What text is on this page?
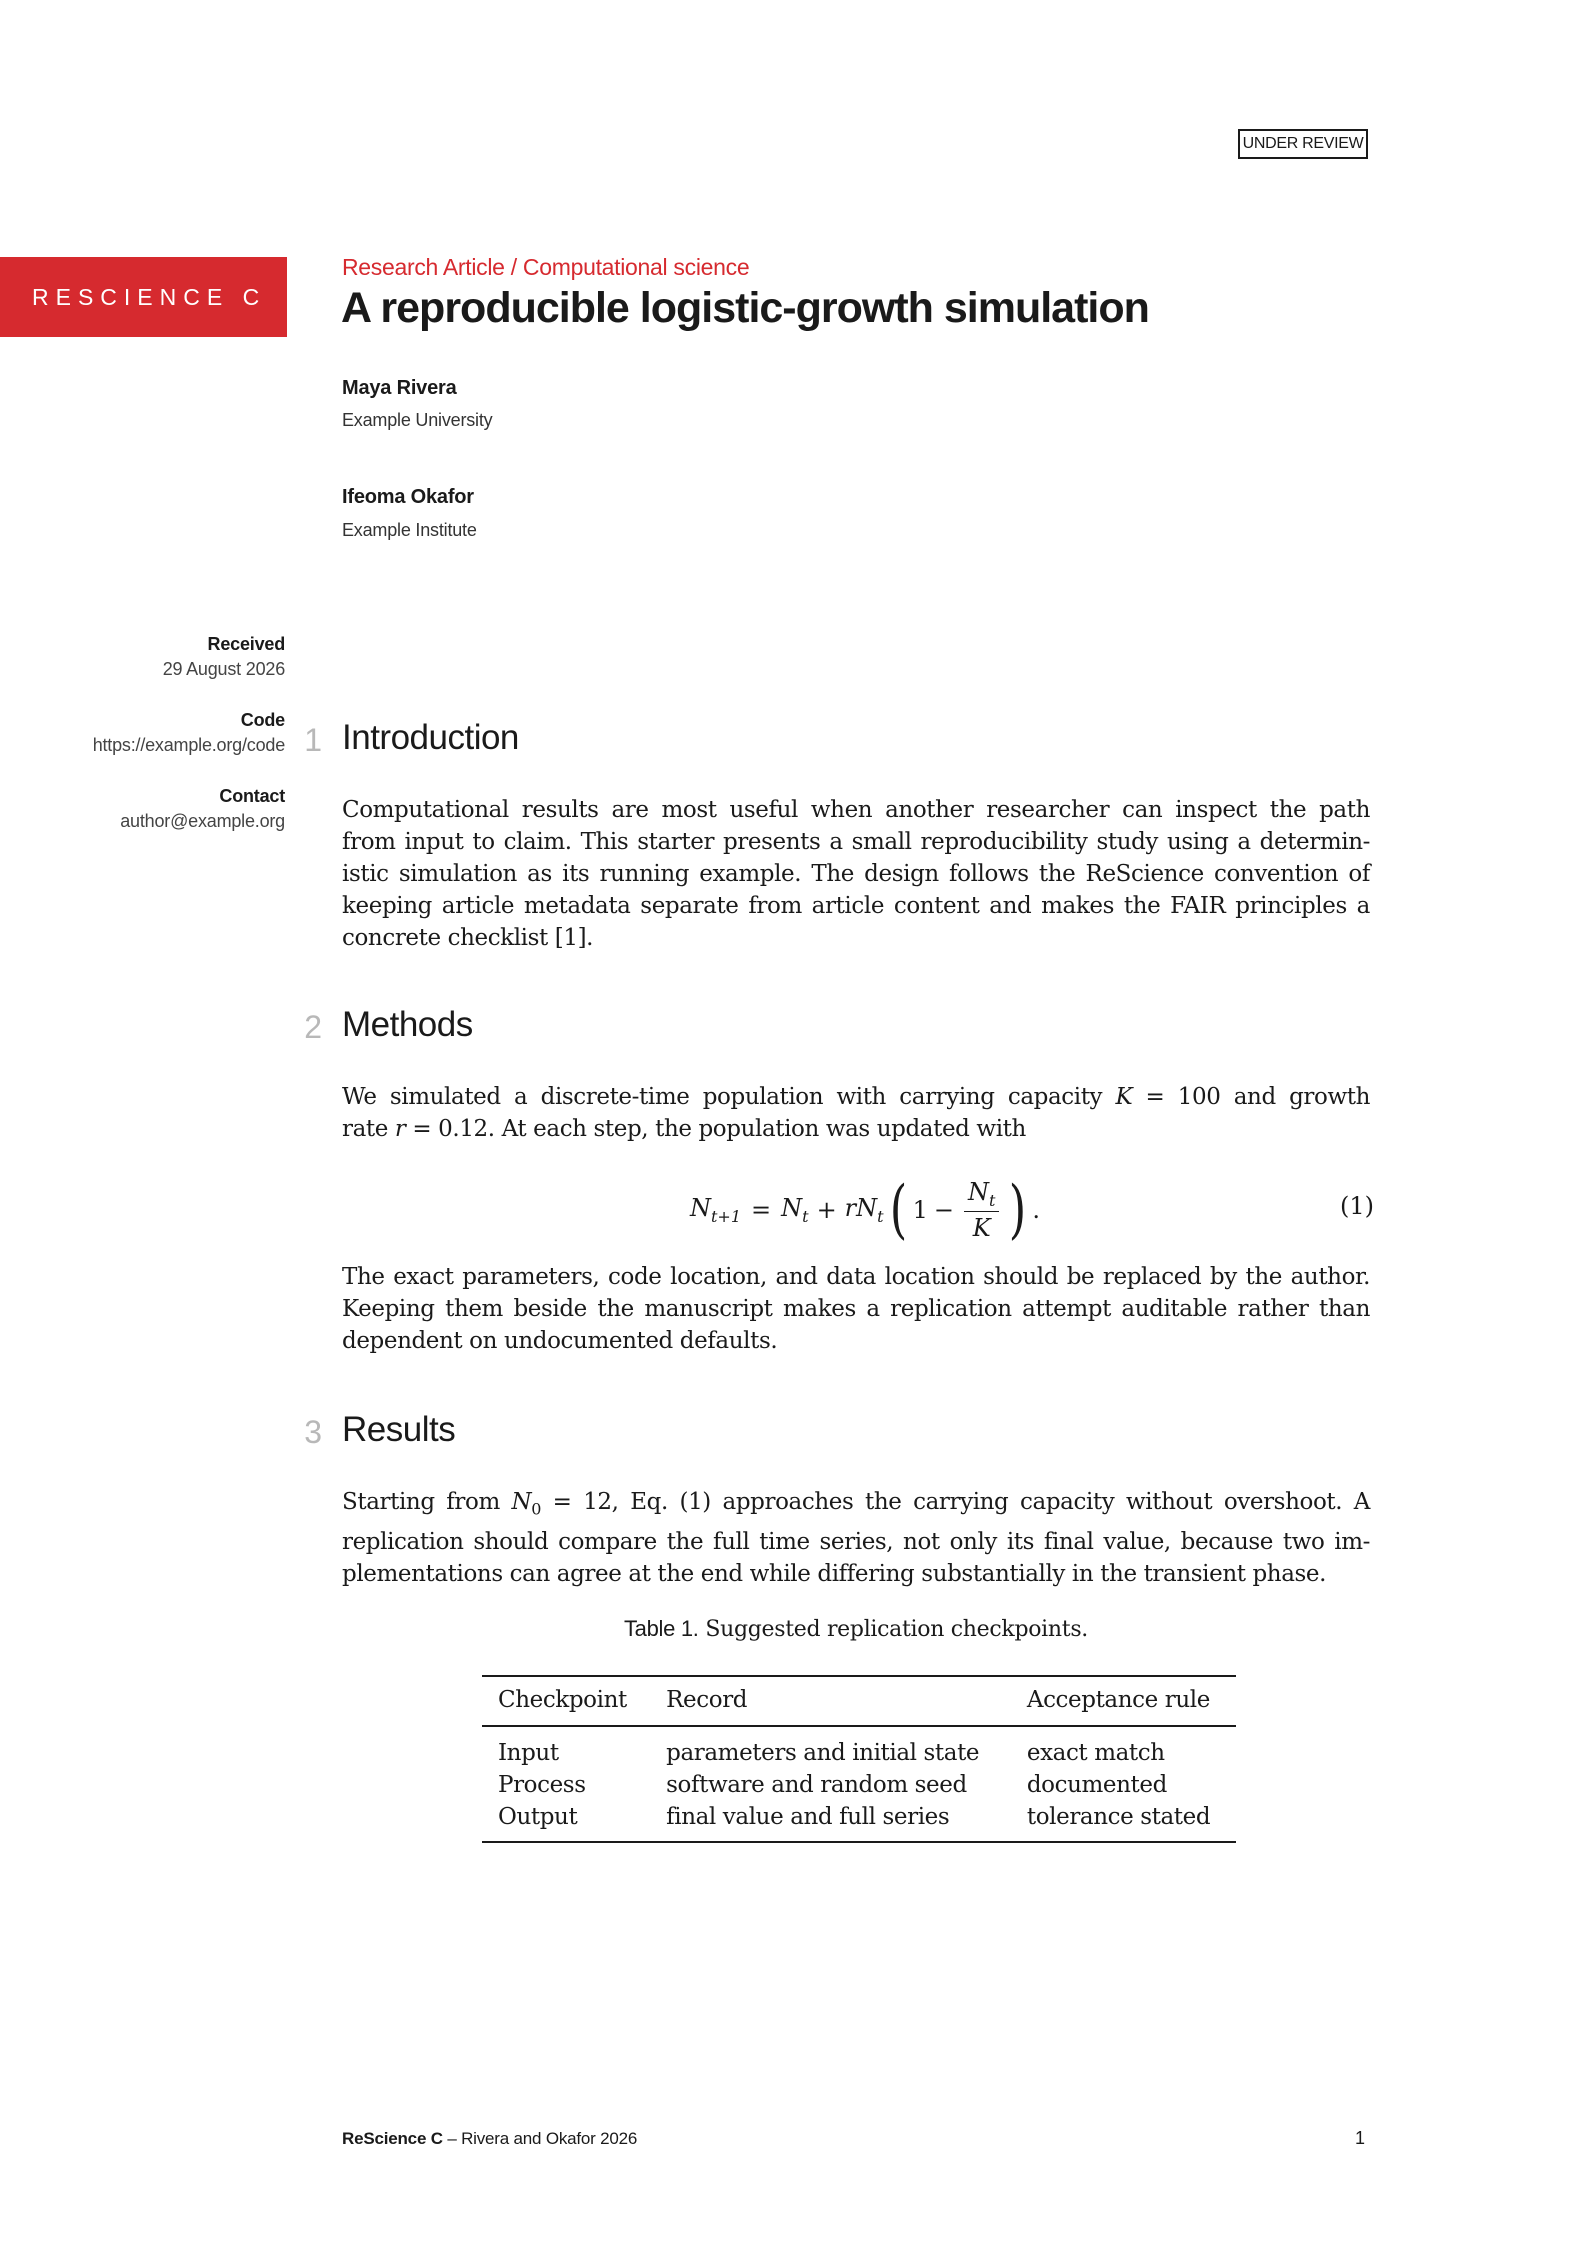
UNDER REVIEW
RESCIENCE C
Research Article / Computational science
A reproducible logistic-growth simulation
Maya Rivera
Example University
Ifeoma Okafor
Example Institute
Received
29 August 2026
Code
https://example.org/code
Contact
author@example.org
1 Introduction
Computational results are most useful when another researcher can inspect the path
from input to claim. This starter presents a small reproducibility study using a determin-
istic simulation as its running example. The design follows the ReScience convention of
keeping article metadata separate from article content and makes the FAIR principles a
concrete checklist [1].
2 Methods
We simulated a discrete-time population with carrying capacity K = 100 and growth
rate r = 0.12. At each step, the population was updated with
$N_{t+1} = N_t + rN_t$ ( $1 - \frac{N_t}{K}$ ) .	(1)
The exact parameters, code location, and data location should be replaced by the author.
Keeping them beside the manuscript makes a replication attempt auditable rather than
dependent on undocumented defaults.
3 Results
Starting from $N_0 = 12$, Eq. (1) approaches the carrying capacity without overshoot. A
replication should compare the full time series, not only its final value, because two im-
plementations can agree at the end while differing substantially in the transient phase.
Table 1. Suggested replication checkpoints.
Checkpoint	Record	Acceptance rule
Input	parameters and initial state	exact match
Process	software and random seed	documented
Output	final value and full series	tolerance stated
ReScience C – Rivera and Okafor 2026	1
